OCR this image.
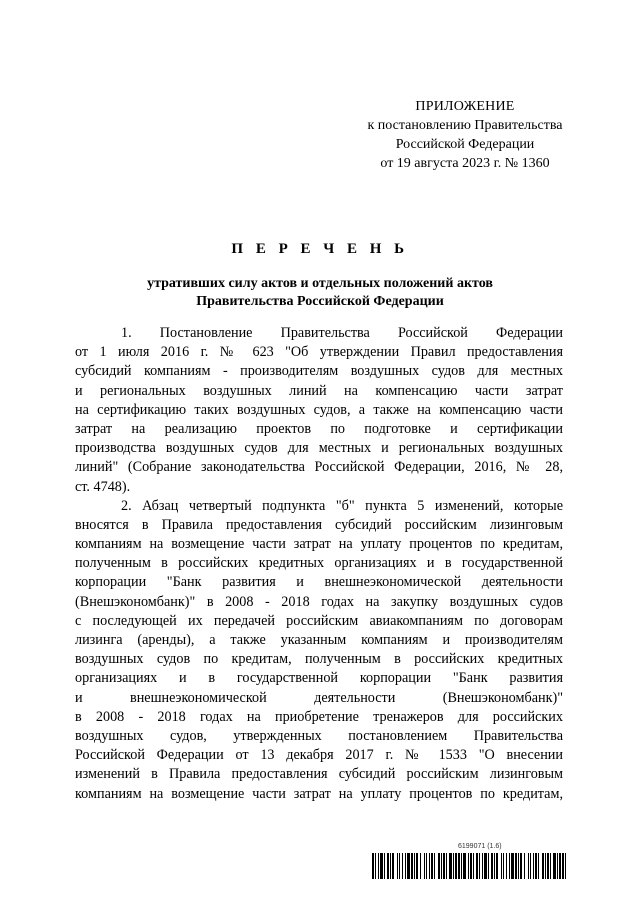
ПРИЛОЖЕНИЕ
к постановлению Правительства
Российской Федерации
от 19 августа 2023 г. № 1360
П Е Р Е Ч Е Н Ь
утративших силу актов и отдельных положений актов
Правительства Российской Федерации
1. Постановление Правительства Российской Федерации
от 1 июля 2016 г. № 623 "Об утверждении Правил предоставления
субсидий компаниям - производителям воздушных судов для местных
и региональных воздушных линий на компенсацию части затрат
на сертификацию таких воздушных судов, а также на компенсацию части
затрат на реализацию проектов по подготовке и сертификации
производства воздушных судов для местных и региональных воздушных
линий" (Собрание законодательства Российской Федерации, 2016, № 28,
ст. 4748).
2. Абзац четвертый подпункта "б" пункта 5 изменений, которые
вносятся в Правила предоставления субсидий российским лизинговым
компаниям на возмещение части затрат на уплату процентов по кредитам,
полученным в российских кредитных организациях и в государственной
корпорации "Банк развития и внешнеэкономической деятельности
(Внешэкономбанк)" в 2008 - 2018 годах на закупку воздушных судов
с последующей их передачей российским авиакомпаниям по договорам
лизинга (аренды), а также указанным компаниям и производителям
воздушных судов по кредитам, полученным в российских кредитных
организациях и в государственной корпорации "Банк развития
и внешнеэкономической деятельности (Внешэкономбанк)"
в 2008 - 2018 годах на приобретение тренажеров для российских
воздушных судов, утвержденных постановлением Правительства
Российской Федерации от 13 декабря 2017 г. № 1533 "О внесении
изменений в Правила предоставления субсидий российским лизинговым
компаниям на возмещение части затрат на уплату процентов по кредитам,
6199071 (1.6)
